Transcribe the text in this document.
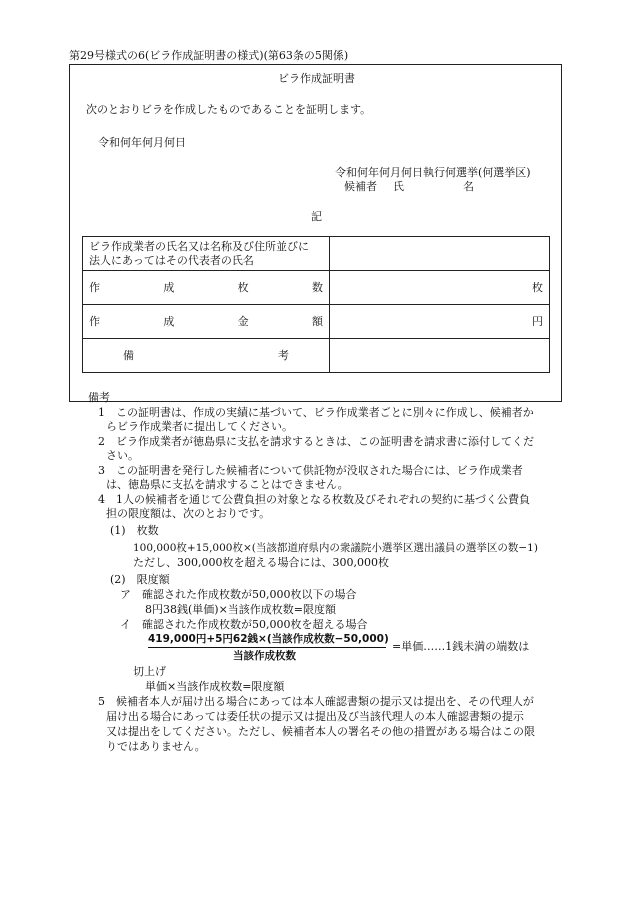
第29号様式の6(ビラ作成証明書の様式)(第63条の5関係)
ビラ作成証明書
次のとおりビラを作成したものであることを証明します。
令和何年何月何日
令和何年何月何日執行何選挙(何選挙区)
候補者 氏	名
記
ビラ作成業者の氏名又は名称及び住所並びに
法人にあってはその代表者の氏名	

作 成 枚 数	枚

作 成 金 額	円

備 考	

備考
1　この証明書は、作成の実績に基づいて、ビラ作成業者ごとに別々に作成し、候補者か
らビラ作成業者に提出してください。
2　ビラ作成業者が徳島県に支払を請求するときは、この証明書を請求書に添付してくだ
さい。
3　この証明書を発行した候補者について供託物が没収された場合には、ビラ作成業者
は、徳島県に支払を請求することはできません。
4　1人の候補者を通じて公費負担の対象となる枚数及びそれぞれの契約に基づく公費負
担の限度額は、次のとおりです。
(1)　枚数
100,000枚+15,000枚×(当該都道府県内の衆議院小選挙区選出議員の選挙区の数−1)
ただし、300,000枚を超える場合には、300,000枚
(2)　限度額
ア　確認された作成枚数が50,000枚以下の場合
8円38銭(単価)×当該作成枚数=限度額
イ　確認された作成枚数が50,000枚を超える場合
419,000円+5円62銭×(当該作成枚数−50,000)
当該作成枚数
=単価……1銭未満の端数は
切上げ
単価×当該作成枚数=限度額
5　候補者本人が届け出る場合にあっては本人確認書類の提示又は提出を、その代理人が
届け出る場合にあっては委任状の提示又は提出及び当該代理人の本人確認書類の提示
又は提出をしてください。ただし、候補者本人の署名その他の措置がある場合はこの限
りではありません。
